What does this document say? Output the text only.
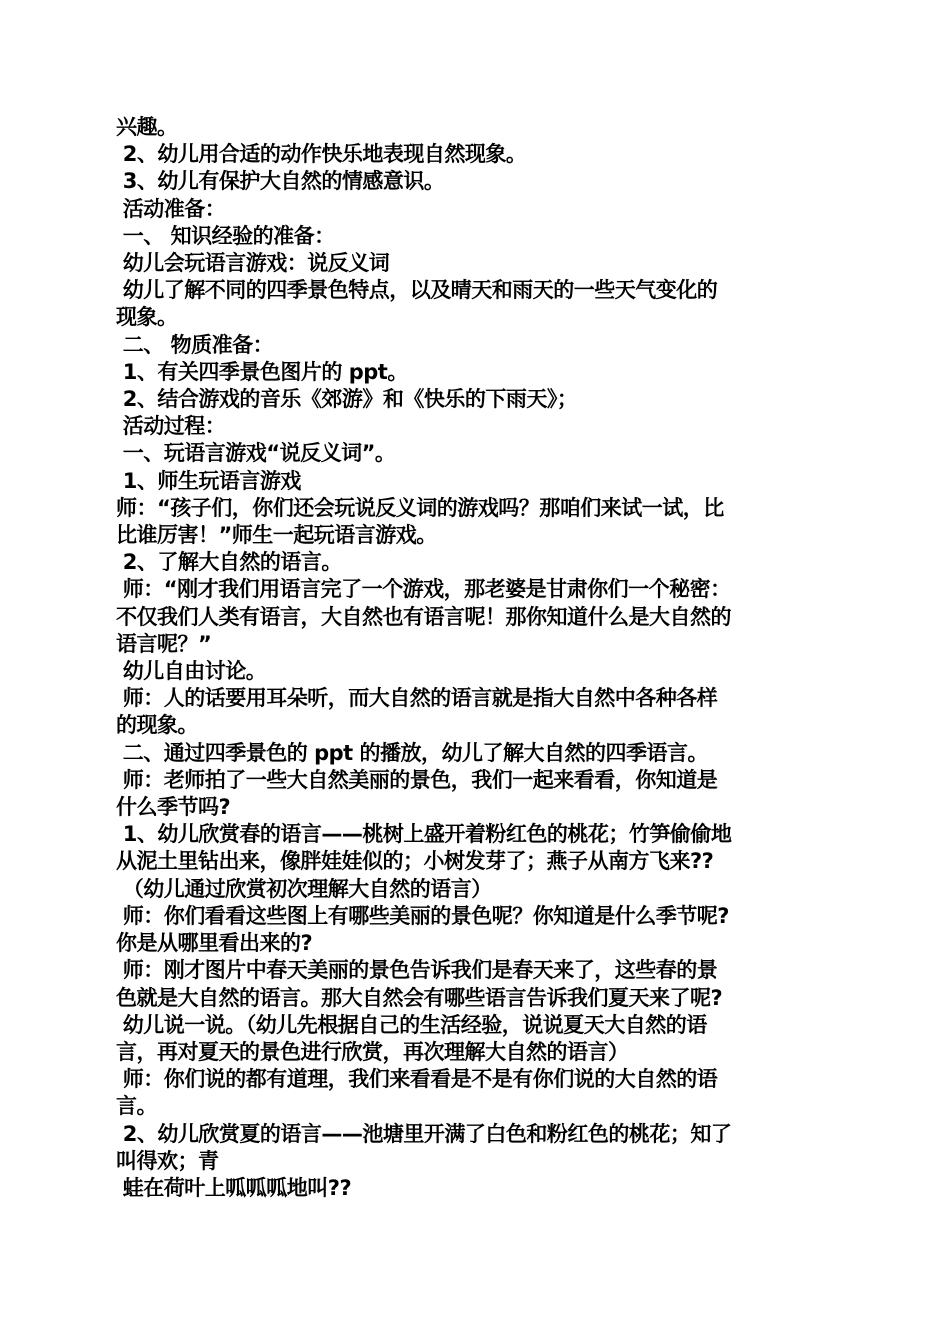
兴趣。

2、幼儿用合适的动作快乐地表现自然现象。

3、幼儿有保护大自然的情感意识。

活动准备：

一、 知识经验的准备：

幼儿会玩语言游戏：说反义词

幼儿了解不同的四季景色特点，以及晴天和雨天的一些天气变化的

现象。

二、 物质准备：

1、有关四季景色图片的 ppt。

2、结合游戏的音乐《郊游》和《快乐的下雨天》；

活动过程：

一、玩语言游戏“说反义词”。

1、师生玩语言游戏

师：“孩子们，你们还会玩说反义词的游戏吗？那咱们来试一试，比

比谁厉害！”师生一起玩语言游戏。

2、了解大自然的语言。

师：“刚才我们用语言完了一个游戏，那老婆是甘肃你们一个秘密：

不仅我们人类有语言，大自然也有语言呢！那你知道什么是大自然的

语言呢？”

幼儿自由讨论。

师：人的话要用耳朵听，而大自然的语言就是指大自然中各种各样

的现象。

二、通过四季景色的 ppt 的播放，幼儿了解大自然的四季语言。

师：老师拍了一些大自然美丽的景色，我们一起来看看，你知道是

什么季节吗?

1、幼儿欣赏春的语言——桃树上盛开着粉红色的桃花；竹笋偷偷地

从泥土里钻出来，像胖娃娃似的；小树发芽了；燕子从南方飞来??

（幼儿通过欣赏初次理解大自然的语言）

师：你们看看这些图上有哪些美丽的景色呢？你知道是什么季节呢?

你是从哪里看出来的?

师：刚才图片中春天美丽的景色告诉我们是春天来了，这些春的景

色就是大自然的语言。那大自然会有哪些语言告诉我们夏天来了呢?

幼儿说一说。（幼儿先根据自己的生活经验，说说夏天大自然的语

言，再对夏天的景色进行欣赏，再次理解大自然的语言）

师：你们说的都有道理，我们来看看是不是有你们说的大自然的语

言。

2、幼儿欣赏夏的语言——池塘里开满了白色和粉红色的桃花；知了

叫得欢；青

蛙在荷叶上呱呱呱地叫??
